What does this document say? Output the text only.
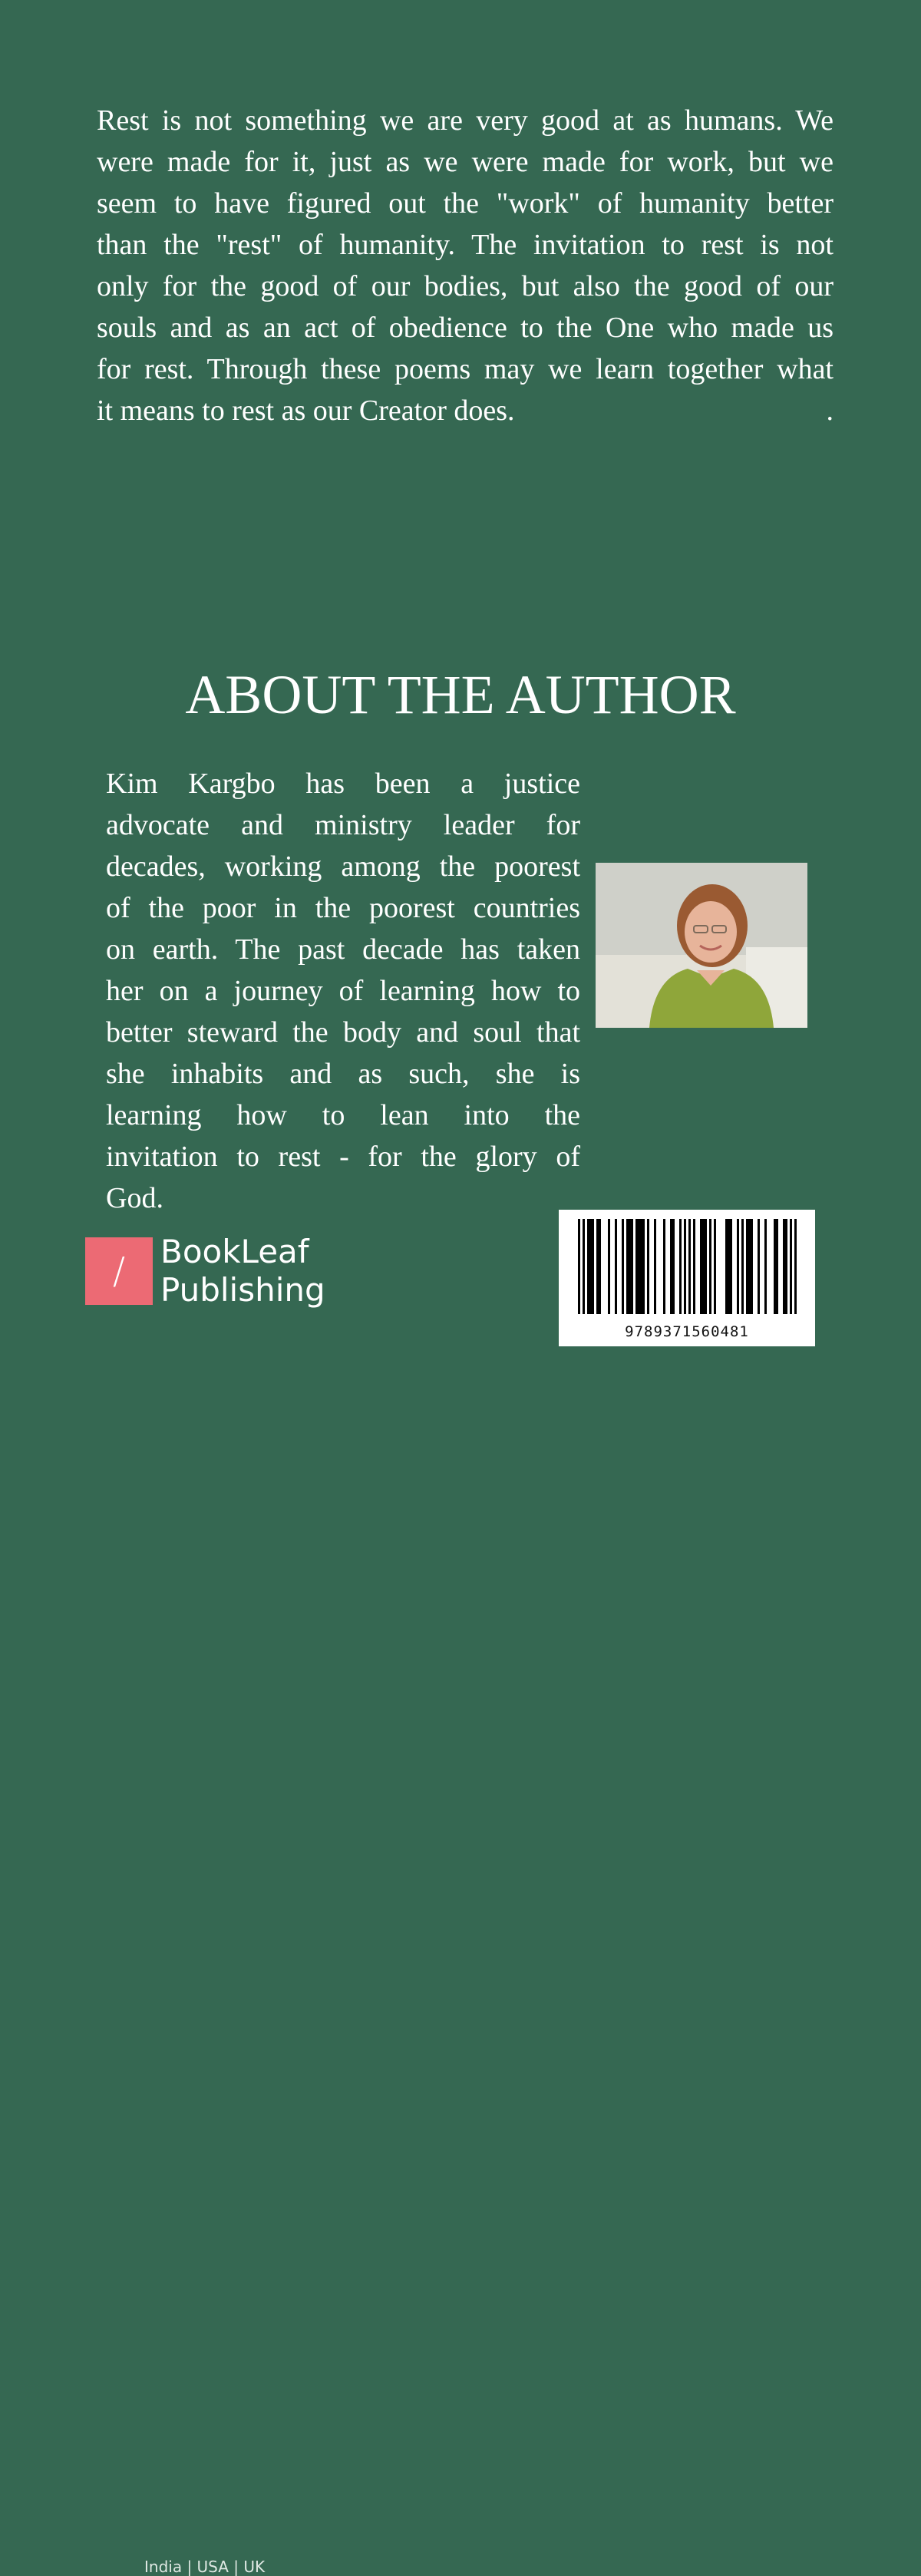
Rest is not something we are very good at as humans. We
were made for it, just as we were made for work, but we
seem to have figured out the "work" of humanity better
than the "rest" of humanity. The invitation to rest is not
only for the good of our bodies, but also the good of our
souls and as an act of obedience to the One who made us
for rest. Through these poems may we learn together what
it means to rest as our Creator does.	.
ABOUT THE AUTHOR
Kim Kargbo has been a justice
advocate and ministry leader for
decades, working among the poorest
of the poor in the poorest countries
on earth. The past decade has taken
her on a journey of learning how to
better steward the body and soul that
she inhabits and as such, she is
learning how to lean into the
invitation to rest - for the glory of
God.
/ BookLeaf
Publishing
India | USA | UK
9789371560481
